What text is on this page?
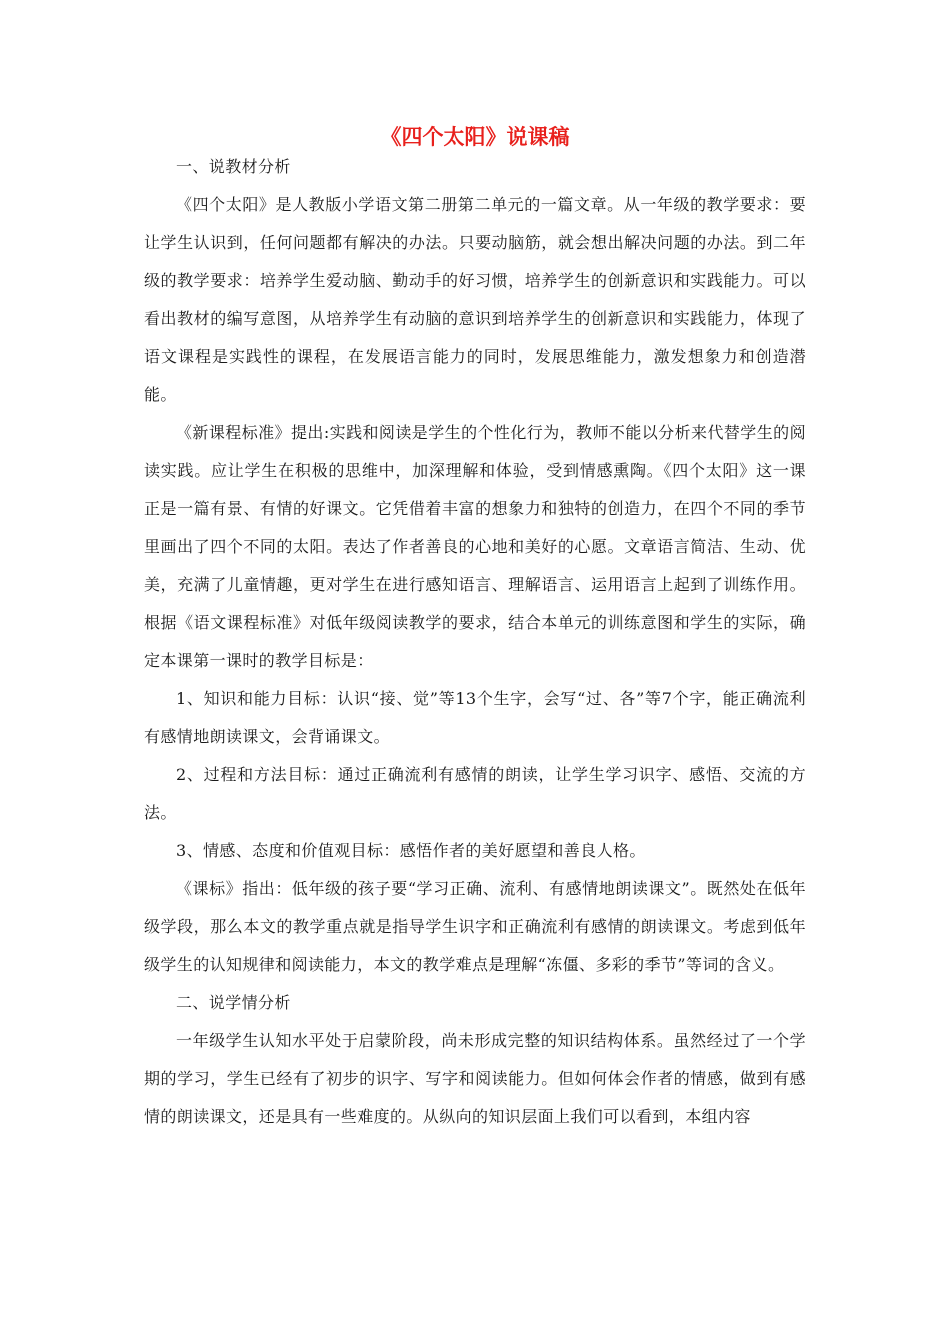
《四个太阳》说课稿

一、说教材分析

《四个太阳》是人教版小学语文第二册第二单元的一篇文章。从一年级的教学要求：要让学生认识到，任何问题都有解决的办法。只要动脑筋，就会想出解决问题的办法。到二年级的教学要求：培养学生爱动脑、勤动手的好习惯，培养学生的创新意识和实践能力。可以看出教材的编写意图，从培养学生有动脑的意识到培养学生的创新意识和实践能力，体现了语文课程是实践性的课程，在发展语言能力的同时，发展思维能力，激发想象力和创造潜能。

《新课程标准》提出:实践和阅读是学生的个性化行为，教师不能以分析来代替学生的阅读实践。应让学生在积极的思维中，加深理解和体验，受到情感熏陶。《四个太阳》这一课正是一篇有景、有情的好课文。它凭借着丰富的想象力和独特的创造力，在四个不同的季节里画出了四个不同的太阳。表达了作者善良的心地和美好的心愿。文章语言简洁、生动、优美，充满了儿童情趣，更对学生在进行感知语言、理解语言、运用语言上起到了训练作用。根据《语文课程标准》对低年级阅读教学的要求，结合本单元的训练意图和学生的实际，确定本课第一课时的教学目标是：

1、知识和能力目标：认识“接、觉”等13个生字，会写“过、各”等7个字，能正确流利有感情地朗读课文，会背诵课文。

2、过程和方法目标：通过正确流利有感情的朗读，让学生学习识字、感悟、交流的方法。

3、情感、态度和价值观目标：感悟作者的美好愿望和善良人格。

《课标》指出：低年级的孩子要“学习正确、流利、有感情地朗读课文”。既然处在低年级学段，那么本文的教学重点就是指导学生识字和正确流利有感情的朗读课文。考虑到低年级学生的认知规律和阅读能力，本文的教学难点是理解“冻僵、多彩的季节”等词的含义。

二、说学情分析

一年级学生认知水平处于启蒙阶段，尚未形成完整的知识结构体系。虽然经过了一个学期的学习，学生已经有了初步的识字、写字和阅读能力。但如何体会作者的情感，做到有感情的朗读课文，还是具有一些难度的。从纵向的知识层面上我们可以看到，本组内容
